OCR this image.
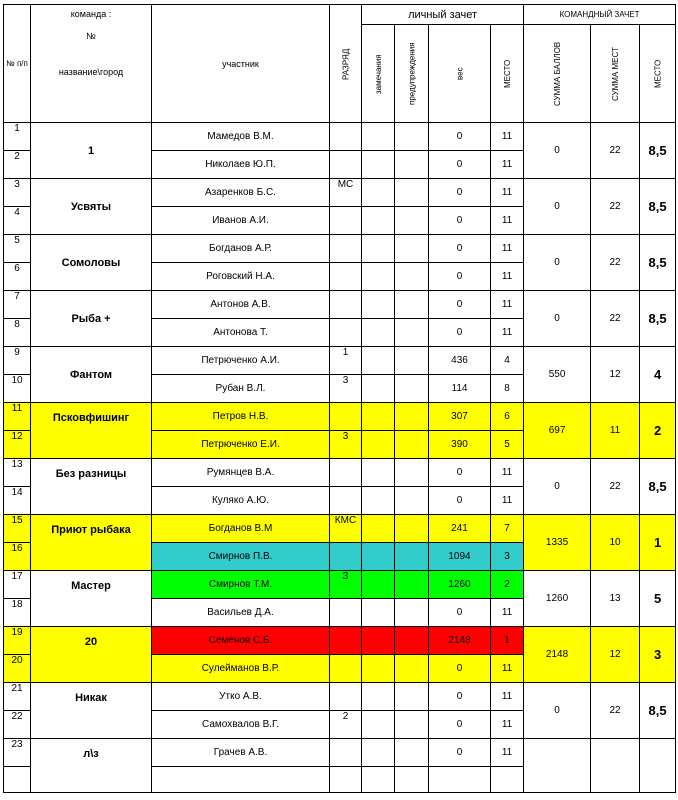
№ п/п	команда :
№
название\город	участник	РАЗРЯД	личный зачет				КОМАНДНЫЙ ЗАЧЕТ		
				замечания	предупреждения	вес	МЕСТО	СУММА БАЛЛОВ	СУММА МЕСТ	МЕСТО
1	1	Мамедов В.М.				0	11	0	22	8,5
2		Николаев Ю.П.				0	11			
3	Усвяты	Азаренков Б.С.	МС			0	11	0	22	8,5
4		Иванов А.И.				0	11			
5	Сомоловы	Богданов А.Р.				0	11	0	22	8,5
6		Роговский Н.А.				0	11			
7	Рыба +	Антонов А.В.				0	11	0	22	8,5
8		Антонова Т.				0	11			
9	Фантом	Петрюченко А.И.	1			436	4	550	12	4
10		Рубан В.Л.	3			114	8			
11	Псковфишинг	Петров Н.В.				307	6	697	11	2
12		Петрюченко Е.И.	3			390	5			
13	Без разницы	Румянцев В.А.				0	11	0	22	8,5
14		Куляко А.Ю.				0	11			
15	Приют рыбака	Богданов В.М	КМС			241	7	1335	10	1
16		Смирнов П.В.				1094	3			
17	Мастер	Смирнов Т.М.	3			1260	2	1260	13	5
18		Васильев Д.А.				0	11			
19	20	Семенов С.Б.				2148	1	2148	12	3
20		Сулейманов В.Р.				0	11			
21	Никак	Утко А.В.				0	11	0	22	8,5
22		Самохвалов В.Г.	2			0	11			
23	л\з	Грачев А.В.				0	11			
